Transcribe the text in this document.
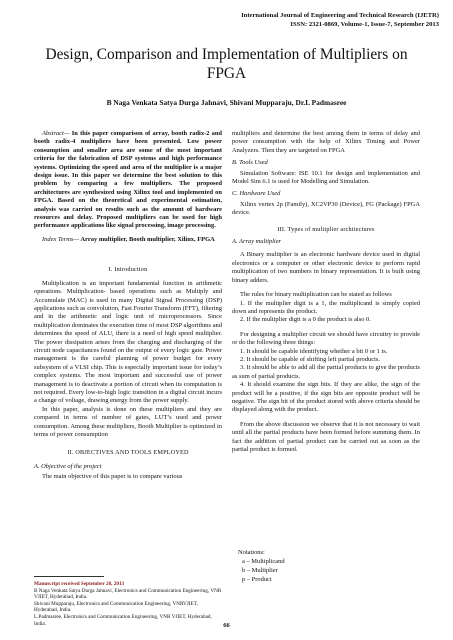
International Journal of Engineering and Technical Research (IJETR)
ISSN: 2321-0869, Volume-1, Issue-7, September 2013
Design, Comparison and Implementation of Multipliers on FPGA
B Naga Venkata Satya Durga Jahnavi, Shivani Mupparaju, Dr.L Padmasree

Abstract— In this paper comparison of array, booth radix-2 and booth radix-4 multipliers have been presented. Low power consumption and smaller area are some of the most important criteria for the fabrication of DSP systems and high performance systems. Optimizing the speed and area of the multiplier is a major design issue. In this paper we determine the best solution to this problem by comparing a few multipliers. The proposed architectures are synthesized using Xilinx tool and implemented on FPGA. Based on the theoretical and experimental estimation, analysis was carried on results such as the amount of hardware resources and delay. Proposed multipliers can be used for high performance applications like signal processing, image processing.

Index Terms— Array multiplier, Booth multiplier, Xilinx, FPGA

I. Introduction

Multiplication is an important fundamental function in arithmetic operations. Multiplication- based operations such as Multiply and Accumulate (MAC) is used in many Digital Signal Processing (DSP) applications such as convolution, Fast Fourier Transform (FFT), filtering and in the arithmetic and logic unit of microprocessors. Since multiplication dominates the execution time of most DSP algorithms and determines the speed of ALU, there is a need of high speed multiplier. The power dissipation arises from the charging and discharging of the circuit node capacitances found on the output of every logic gate. Power management is the careful planning of power budget for every subsystem of a VLSI chip. This is especially important issue for today’s complex systems. The most important and successful use of power management is to deactivate a portion of circuit when its computation is not required. Every low-to-high logic transition in a digital circuit incurs a change of voltage, drawing energy from the power supply.

In this paper, analysis is done on these multipliers and they are compared in terms of number of gates, LUT’s used and power consumption. Among these multipliers, Booth Multiplier is optimized in terms of power consumption

II. OBJECTIVES AND TOOLS EMPLOYED
A. Objective of the project

The main objective of this paper is to compare various

multipliers and determine the best among them in terms of delay and power consumption with the help of Xilinx Timing and Power Analyzers. Then they are targeted on FPGA

B. Tools Used

Simulation Software: ISE 10.1 for design and implementation and Model Sim 6.1 is used for Modelling and Simulation.

C. Hardware Used

Xilinx vertex 2p (Family), XC2VP30 (Device), FG (Package) FPGA device.

III. Types of multiplier architectures
A. Array multiplier

A Binary multiplier is an electronic hardware device used in digital electronics or a computer or other electronic device to perform rapid multiplication of two numbers in binary representation. It is built using binary adders.

The rules for binary multiplication can be stated as follows

1. If the multiplier digit is a 1, the multiplicand is simply copied down and represents the product.

2. If the multiplier digit is a 0 the product is also 0.

For designing a multiplier circuit we should have circuitry to provide or do the following three things:

1. It should be capable identifying whether a bit 0 or 1 is.

2. It should be capable of shifting left partial products.

3. It should be able to add all the partial products to give the products as sum of partial products.

4. It should examine the sign bits. If they are alike, the sign of the product will be a positive, if the sign bits are opposite product will be negative. The sign bit of the product stored with above criteria should be displayed along with the product.

From the above discussion we observe that it is not necessary to wait until all the partial products have been formed before summing them. In fact the addition of partial product can be carried out as soon as the partial product is formed.

Notations:
a – Multiplicand
b – Multiplier
p – Product
Manuscript received September 20, 2013
B Naga Venkata Satya Durga Jahnavi, Electronics and Communication Engineering, VNR VJIET, Hyderabad, India.
Shivani Mupparaju, Electronics and Communication Engineering, VNRVJIET, Hyderabad, India.
L.Padmasree, Electronics and Communication Engineering, VNR VJIET, Hyderabad, India.	66
